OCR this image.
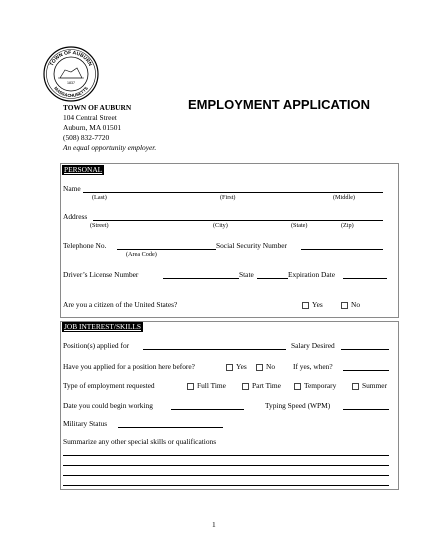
TOWN OF AUBURN
MASSACHUSETTS
1837
TOWN OF AUBURN	EMPLOYMENT APPLICATION
104 Central Street
Auburn, MA 01501
(508) 832-7720
An equal opportunity employer.
PERSONAL
Name
(Last)	(First)	(Middle)
Address
(Street)	(City)	(State)	(Zip)
Telephone No.	Social Security Number
(Area Code)
Driver’s License Number	State	Expiration Date
Are you a citizen of the United States?	Yes	No
JOB INTEREST/SKILLS
Position(s) applied for	Salary Desired
Have you applied for a position here before?	Yes	No If yes, when?
Type of employment requested	Full Time	Part Time	Temporary	Summer
Date you could begin working	Typing Speed (WPM)
Military Status
Summarize any other special skills or qualifications
1
